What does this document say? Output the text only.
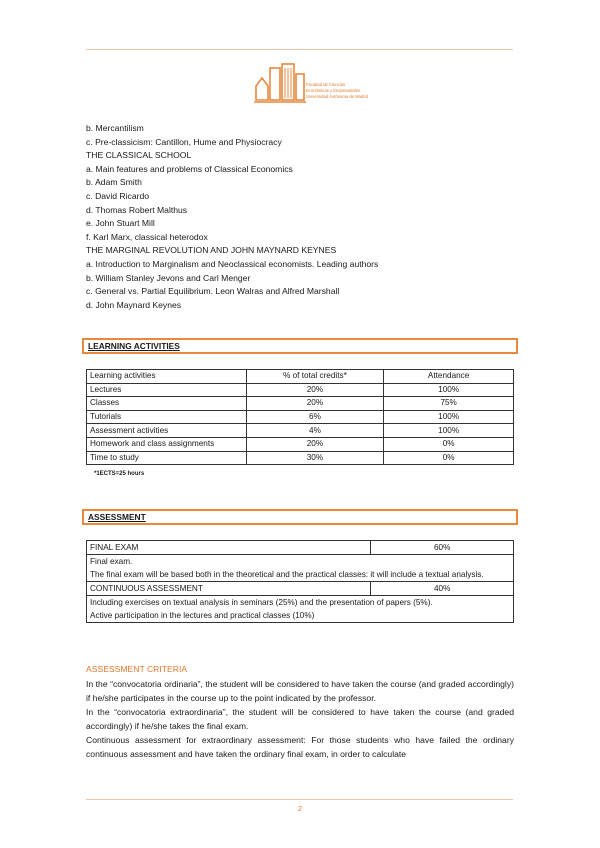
Facultad de Ciencias
Económicas y Empresariales
Universidad Autónoma de Madrid
b. Mercantilism
c. Pre-classicism: Cantillon, Hume and Physiocracy
THE CLASSICAL SCHOOL
a. Main features and problems of Classical Economics
b. Adam Smith
c. David Ricardo
d. Thomas Robert Malthus
e. John Stuart Mill
f. Karl Marx, classical heterodox
THE MARGINAL REVOLUTION AND JOHN MAYNARD KEYNES
a. Introduction to Marginalism and Neoclassical economists. Leading authors
b. William Stanley Jevons and Carl Menger
c. General vs. Partial Equilibrium. Leon Walras and Alfred Marshall
d. John Maynard Keynes
LEARNING ACTIVITIES
Learning activities	% of total credits*	Attendance
Lectures	20%	100%
Classes	20%	75%
Tutorials	6%	100%
Assessment activities	4%	100%
Homework and class assignments	20%	0%
Time to study	30%	0%
*1ECTS=25 hours
ASSESSMENT
FINAL EXAM	60%

Final exam.
The final exam will be based both in the theoretical and the practical classes: it will include a textual analysis.	

CONTINUOUS ASSESSMENT	40%

Including exercises on textual analysis in seminars (25%) and the presentation of papers (5%).
Active participation in the lectures and practical classes (10%)	
ASSESSMENT CRITERIA

In the “convocatoria ordinaria”, the student will be considered to have taken the course (and graded accordingly) if he/she participates in the course up to the point indicated by the professor.

In the “convocatoria extraordinaria”, the student will be considered to have taken the course (and graded accordingly) if he/she takes the final exam.

Continuous assessment for extraordinary assessment: For those students who have failed the ordinary continuous assessment and have taken the ordinary final exam, in order to calculate

2
